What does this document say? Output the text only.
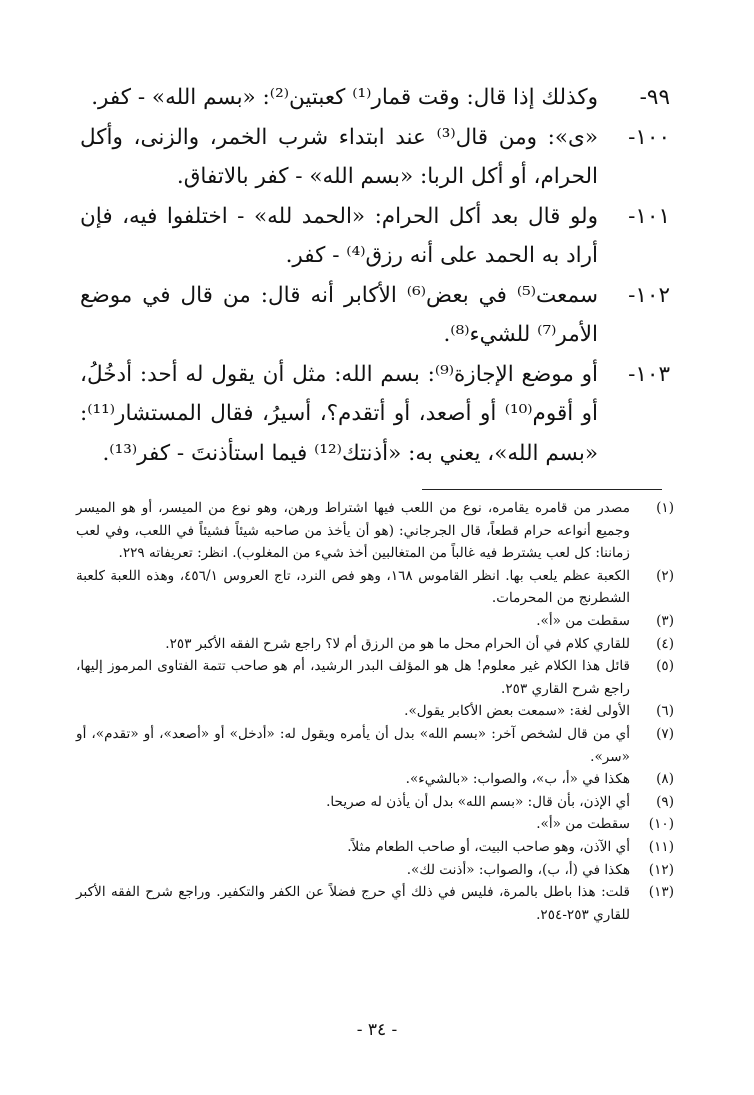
٩٩-وكذلك إذا قال: وقت قمار⁽¹⁾ كعبتين⁽²⁾: «بسم الله» - كفر.

١٠٠-«ى»: ومن قال⁽³⁾ عند ابتداء شرب الخمر، والزنى، وأكل الحرام، أو أكل الربا: «بسم الله» - كفر بالاتفاق.

١٠١-ولو قال بعد أكل الحرام: «الحمد لله» - اختلفوا فيه، فإن أراد به الحمد على أنه رزق⁽⁴⁾ - كفر.

١٠٢-سمعت⁽⁵⁾ في بعض⁽⁶⁾ الأكابر أنه قال: من قال في موضع الأمر⁽⁷⁾ للشيء⁽⁸⁾.

١٠٣-أو موضع الإجازة⁽⁹⁾: بسم الله: مثل أن يقول له أحد: أدخُلُ، أو أقوم⁽¹⁰⁾ أو أصعد، أو أتقدم؟، أسيرُ، فقال المستشار⁽¹¹⁾: «بسم الله»، يعني به: «أذنتك⁽¹²⁾ فيما استأذنتَ - كفر⁽¹³⁾.

(١)
مصدر من قامره يقامره، نوع من اللعب فيها اشتراط ورهن، وهو نوع من الميسر، أو هو الميسر وجميع أنواعه حرام قطعاً، قال الجرجاني: (هو أن يأخذ من صاحبه شيئاً فشيئاً في اللعب، وفي لعب زماننا: كل لعب يشترط فيه غالباً من المتغالبين أخذ شيء من المغلوب). انظر: تعريفاته ٢٢٩.
(٢)
الكعبة عظم يلعب بها. انظر القاموس ١٦٨، وهو فص النرد، تاج العروس ٤٥٦/١، وهذه اللعبة كلعبة الشطرنج من المحرمات.
(٣)
سقطت من «أ».
(٤)
للقاري كلام في أن الحرام محل ما هو من الرزق أم لا؟ راجع شرح الفقه الأكبر ٢٥٣.
(٥)
قائل هذا الكلام غير معلوم! هل هو المؤلف البدر الرشيد، أم هو صاحب تتمة الفتاوى المرموز إليها، راجع شرح القاري ٢٥٣.
(٦)
الأولى لغة: «سمعت بعض الأكابر يقول».
(٧)
أي من قال لشخص آخر: «بسم الله» بدل أن يأمره ويقول له: «أدخل» أو «أصعد»، أو «تقدم»، أو «سر».
(٨)
هكذا في «أ، ب»، والصواب: «بالشيء».
(٩)
أي الإذن، بأن قال: «بسم الله» بدل أن يأذن له صريحا.
(١٠)
سقطت من «أ».
(١١)
أي الآذن، وهو صاحب البيت، أو صاحب الطعام مثلاً.
(١٢)
هكذا في (أ، ب)، والصواب: «أذنت لك».
(١٣)
قلت: هذا باطل بالمرة، فليس في ذلك أي حرج فضلاً عن الكفر والتكفير. وراجع شرح الفقه الأكبر للقاري ٢٥٣-٢٥٤.
- ٣٤ -
